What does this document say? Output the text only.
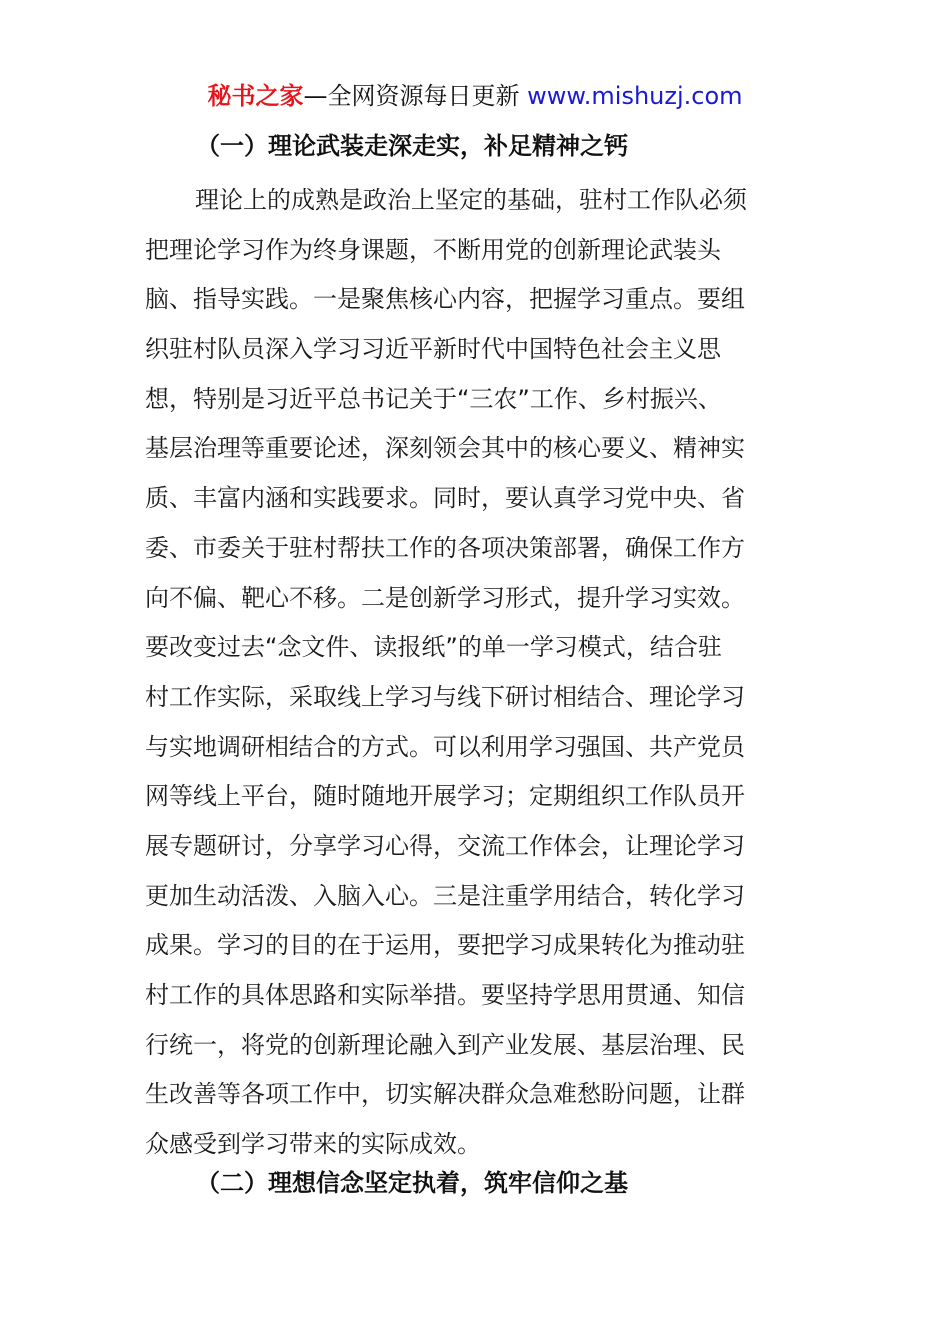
秘书之家—全网资源每日更新 www.mishuzj.com
（一）理论武装走深走实，补足精神之钙
理论上的成熟是政治上坚定的基础，驻村工作队必须
把理论学习作为终身课题，不断用党的创新理论武装头
脑、指导实践。一是聚焦核心内容，把握学习重点。要组
织驻村队员深入学习习近平新时代中国特色社会主义思
想，特别是习近平总书记关于“三农”工作、乡村振兴、
基层治理等重要论述，深刻领会其中的核心要义、精神实
质、丰富内涵和实践要求。同时，要认真学习党中央、省
委、市委关于驻村帮扶工作的各项决策部署，确保工作方
向不偏、靶心不移。二是创新学习形式，提升学习实效。
要改变过去“念文件、读报纸”的单一学习模式，结合驻
村工作实际，采取线上学习与线下研讨相结合、理论学习
与实地调研相结合的方式。可以利用学习强国、共产党员
网等线上平台，随时随地开展学习；定期组织工作队员开
展专题研讨，分享学习心得，交流工作体会，让理论学习
更加生动活泼、入脑入心。三是注重学用结合，转化学习
成果。学习的目的在于运用，要把学习成果转化为推动驻
村工作的具体思路和实际举措。要坚持学思用贯通、知信
行统一，将党的创新理论融入到产业发展、基层治理、民
生改善等各项工作中，切实解决群众急难愁盼问题，让群
众感受到学习带来的实际成效。
（二）理想信念坚定执着，筑牢信仰之基
